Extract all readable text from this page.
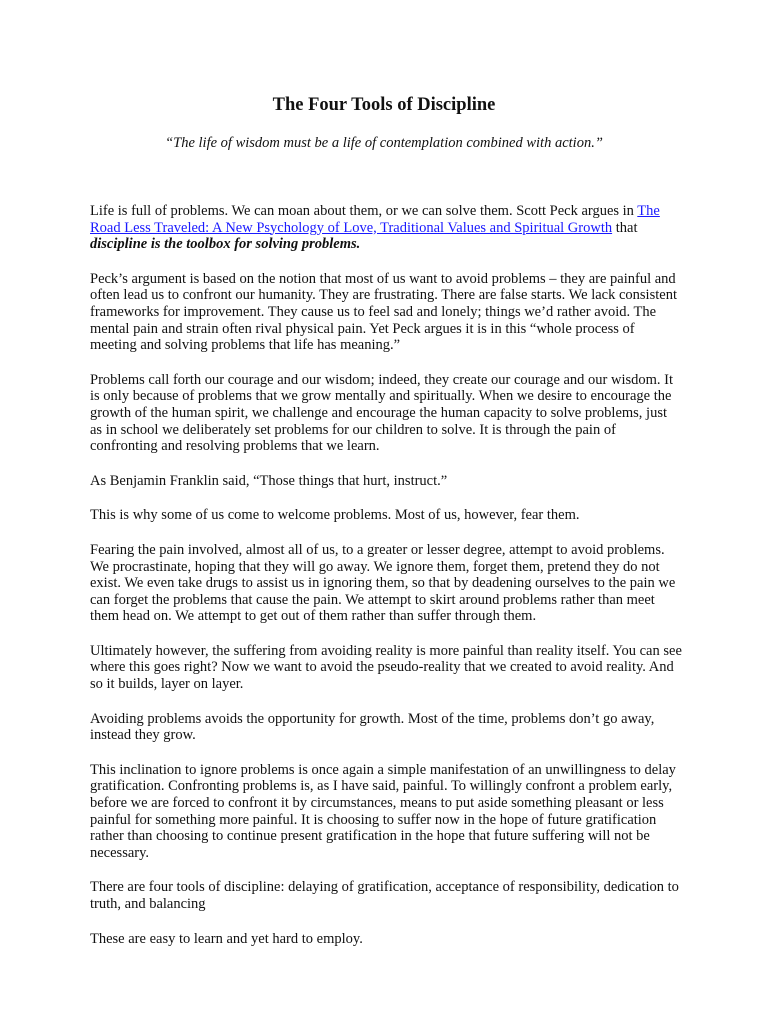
The Four Tools of Discipline
“The life of wisdom must be a life of contemplation combined with action.”

Life is full of problems. We can moan about them, or we can solve them. Scott Peck argues in The Road Less Traveled: A New Psychology of Love, Traditional Values and Spiritual Growth that discipline is the toolbox for solving problems.

Peck’s argument is based on the notion that most of us want to avoid problems – they are painful and often lead us to confront our humanity. They are frustrating. There are false starts. We lack consistent frameworks for improvement. They cause us to feel sad and lonely; things we’d rather avoid. The mental pain and strain often rival physical pain. Yet Peck argues it is in this “whole process of meeting and solving problems that life has meaning.”

Problems call forth our courage and our wisdom; indeed, they create our courage and our wisdom. It is only because of problems that we grow mentally and spiritually. When we desire to encourage the growth of the human spirit, we challenge and encourage the human capacity to solve problems, just as in school we deliberately set problems for our children to solve. It is through the pain of confronting and resolving problems that we learn.

As Benjamin Franklin said, “Those things that hurt, instruct.”

This is why some of us come to welcome problems. Most of us, however, fear them.

Fearing the pain involved, almost all of us, to a greater or lesser degree, attempt to avoid problems. We procrastinate, hoping that they will go away. We ignore them, forget them, pretend they do not exist. We even take drugs to assist us in ignoring them, so that by deadening ourselves to the pain we can forget the problems that cause the pain. We attempt to skirt around problems rather than meet them head on. We attempt to get out of them rather than suffer through them.

Ultimately however, the suffering from avoiding reality is more painful than reality itself. You can see where this goes right? Now we want to avoid the pseudo-reality that we created to avoid reality. And so it builds, layer on layer.

Avoiding problems avoids the opportunity for growth. Most of the time, problems don’t go away, instead they grow.

This inclination to ignore problems is once again a simple manifestation of an unwillingness to delay gratification. Confronting problems is, as I have said, painful. To willingly confront a problem early, before we are forced to confront it by circumstances, means to put aside something pleasant or less painful for something more painful. It is choosing to suffer now in the hope of future gratification rather than choosing to continue present gratification in the hope that future suffering will not be necessary.

There are four tools of discipline: delaying of gratification, acceptance of responsibility, dedication to truth, and balancing

These are easy to learn and yet hard to employ.
